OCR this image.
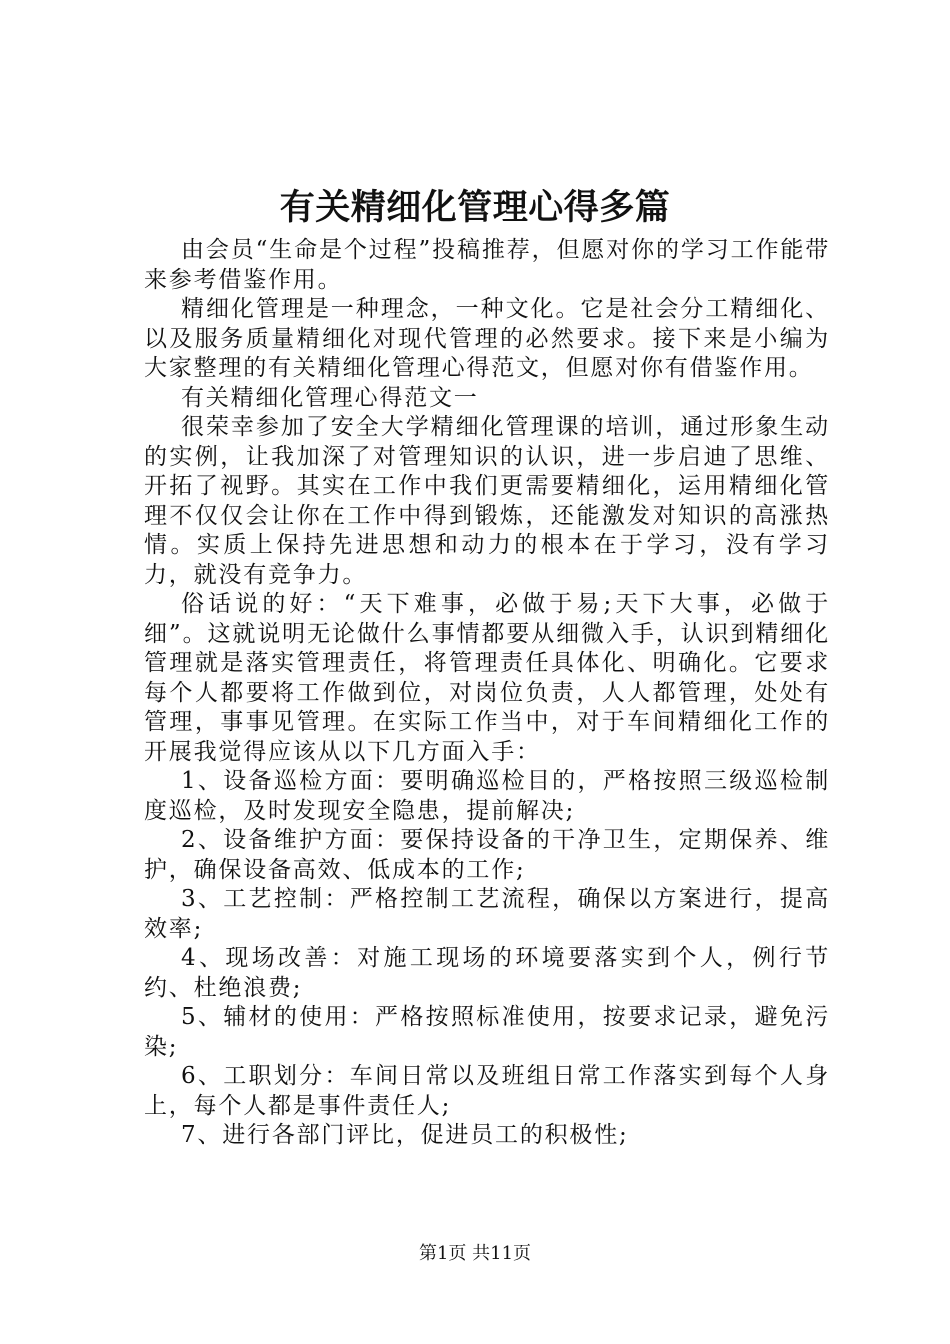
有关精细化管理心得多篇

由会员“生命是个过程”投稿推荐，但愿对你的学习工作能带来参考借鉴作用。

精细化管理是一种理念，一种文化。它是社会分工精细化、以及服务质量精细化对现代管理的必然要求。接下来是小编为大家整理的有关精细化管理心得范文，但愿对你有借鉴作用。

有关精细化管理心得范文一

很荣幸参加了安全大学精细化管理课的培训，通过形象生动的实例，让我加深了对管理知识的认识，进一步启迪了思维、开拓了视野。其实在工作中我们更需要精细化，运用精细化管理不仅仅会让你在工作中得到锻炼，还能激发对知识的高涨热情。实质上保持先进思想和动力的根本在于学习，没有学习力，就没有竞争力。

俗话说的好：“天下难事，必做于易;天下大事，必做于细”。这就说明无论做什么事情都要从细微入手，认识到精细化管理就是落实管理责任，将管理责任具体化、明确化。它要求每个人都要将工作做到位，对岗位负责，人人都管理，处处有管理，事事见管理。在实际工作当中，对于车间精细化工作的开展我觉得应该从以下几方面入手：

1、设备巡检方面：要明确巡检目的，严格按照三级巡检制度巡检，及时发现安全隐患，提前解决;

2、设备维护方面：要保持设备的干净卫生，定期保养、维护，确保设备高效、低成本的工作;

3、工艺控制：严格控制工艺流程，确保以方案进行，提高效率;

4、现场改善：对施工现场的环境要落实到个人，例行节约、杜绝浪费;

5、辅材的使用：严格按照标准使用，按要求记录，避免污染;

6、工职划分：车间日常以及班组日常工作落实到每个人身上，每个人都是事件责任人;

7、进行各部门评比，促进员工的积极性;

第1页 共11页
